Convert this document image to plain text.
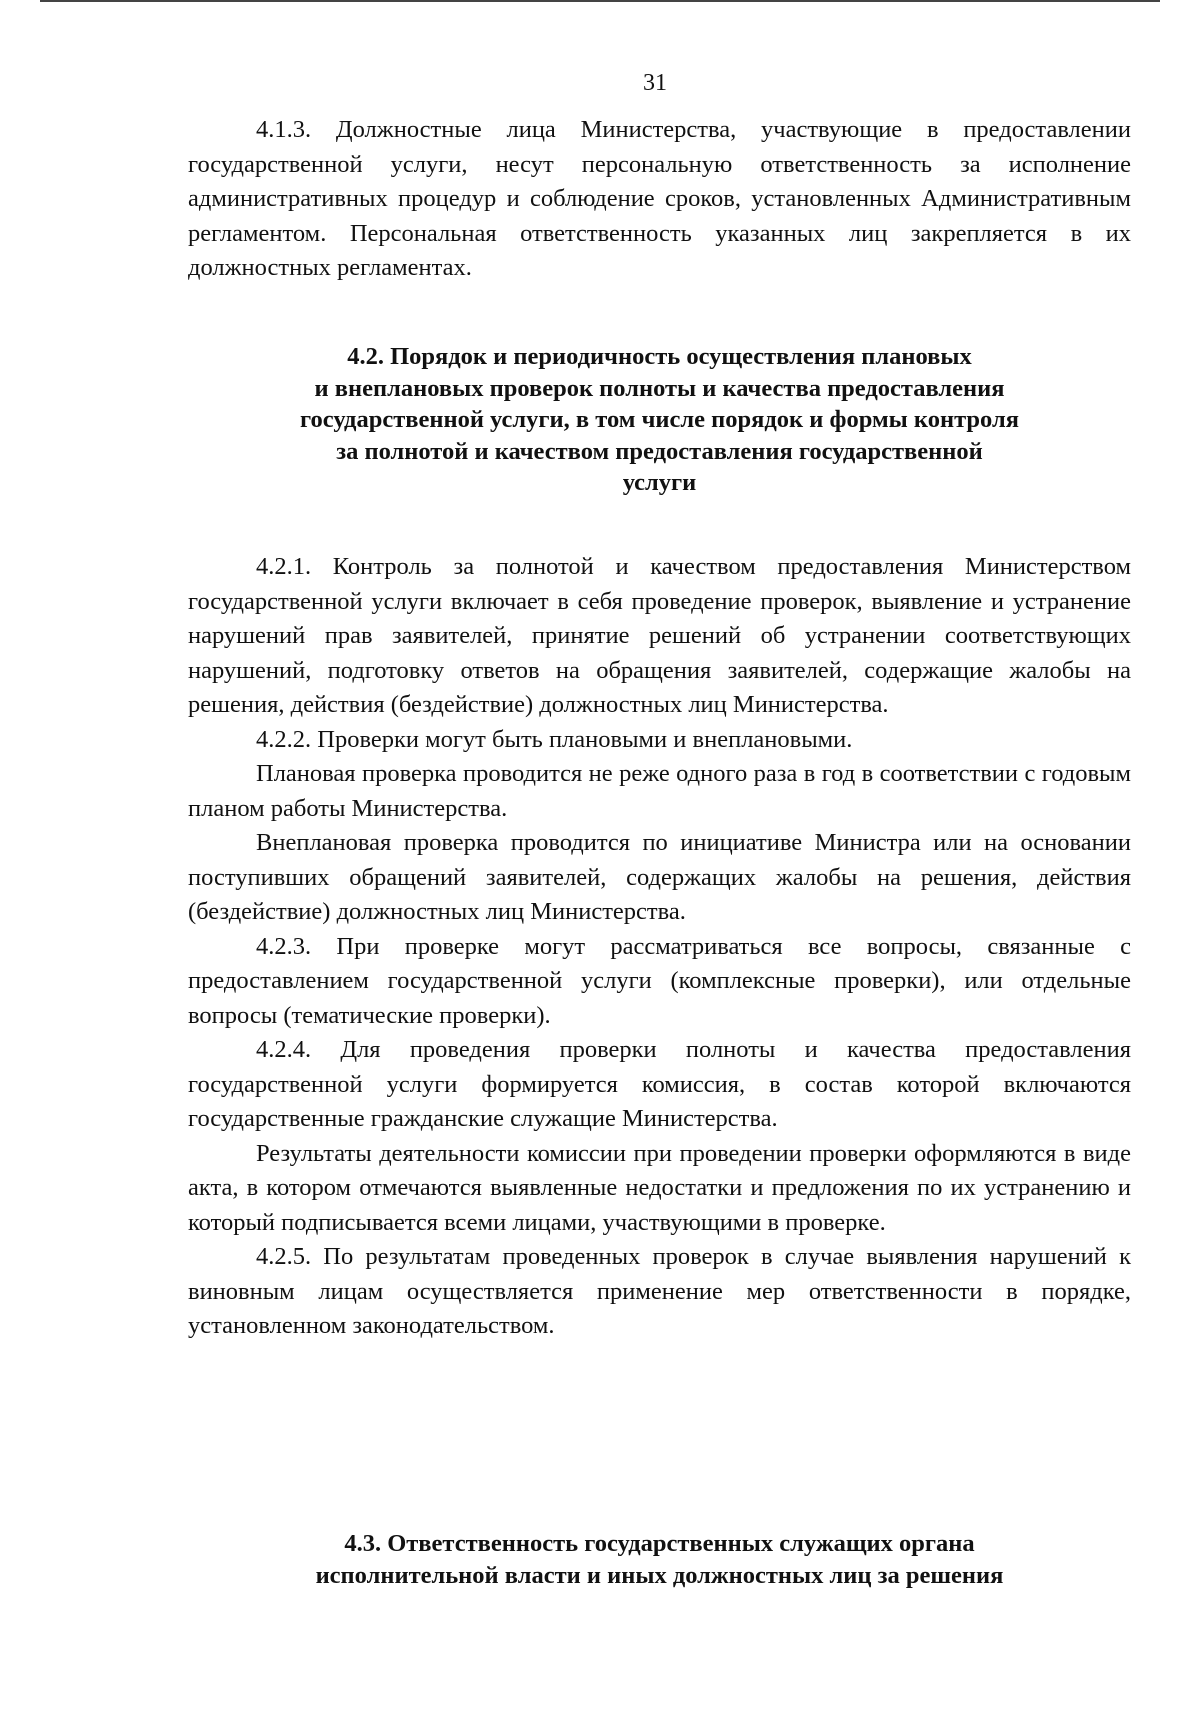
31

4.1.3. Должностные лица Министерства, участвующие в предоставлении государственной услуги, несут персональную ответственность за исполнение административных процедур и соблюдение сроков, установленных Административным регламентом. Персональная ответственность указанных лиц закрепляется в их должностных регламентах.

4.2. Порядок и периодичность осуществления плановых
и внеплановых проверок полноты и качества предоставления
государственной услуги, в том числе порядок и формы контроля
за полнотой и качеством предоставления государственной
услуги

4.2.1. Контроль за полнотой и качеством предоставления Министерством государственной услуги включает в себя проведение проверок, выявление и устранение нарушений прав заявителей, принятие решений об устранении соответствующих нарушений, подготовку ответов на обращения заявителей, содержащие жалобы на решения, действия (бездействие) должностных лиц Министерства.

4.2.2. Проверки могут быть плановыми и внеплановыми.

Плановая проверка проводится не реже одного раза в год в соответствии с годовым планом работы Министерства.

Внеплановая проверка проводится по инициативе Министра или на основании поступивших обращений заявителей, содержащих жалобы на решения, действия (бездействие) должностных лиц Министерства.

4.2.3. При проверке могут рассматриваться все вопросы, связанные с предоставлением государственной услуги (комплексные проверки), или отдельные вопросы (тематические проверки).

4.2.4. Для проведения проверки полноты и качества предоставления государственной услуги формируется комиссия, в состав которой включаются государственные гражданские служащие Министерства.

Результаты деятельности комиссии при проведении проверки оформляются в виде акта, в котором отмечаются выявленные недостатки и предложения по их устранению и который подписывается всеми лицами, участвующими в проверке.

4.2.5. По результатам проведенных проверок в случае выявления нарушений к виновным лицам осуществляется применение мер ответственности в порядке, установленном законодательством.

4.3. Ответственность государственных служащих органа
исполнительной власти и иных должностных лиц за решения
